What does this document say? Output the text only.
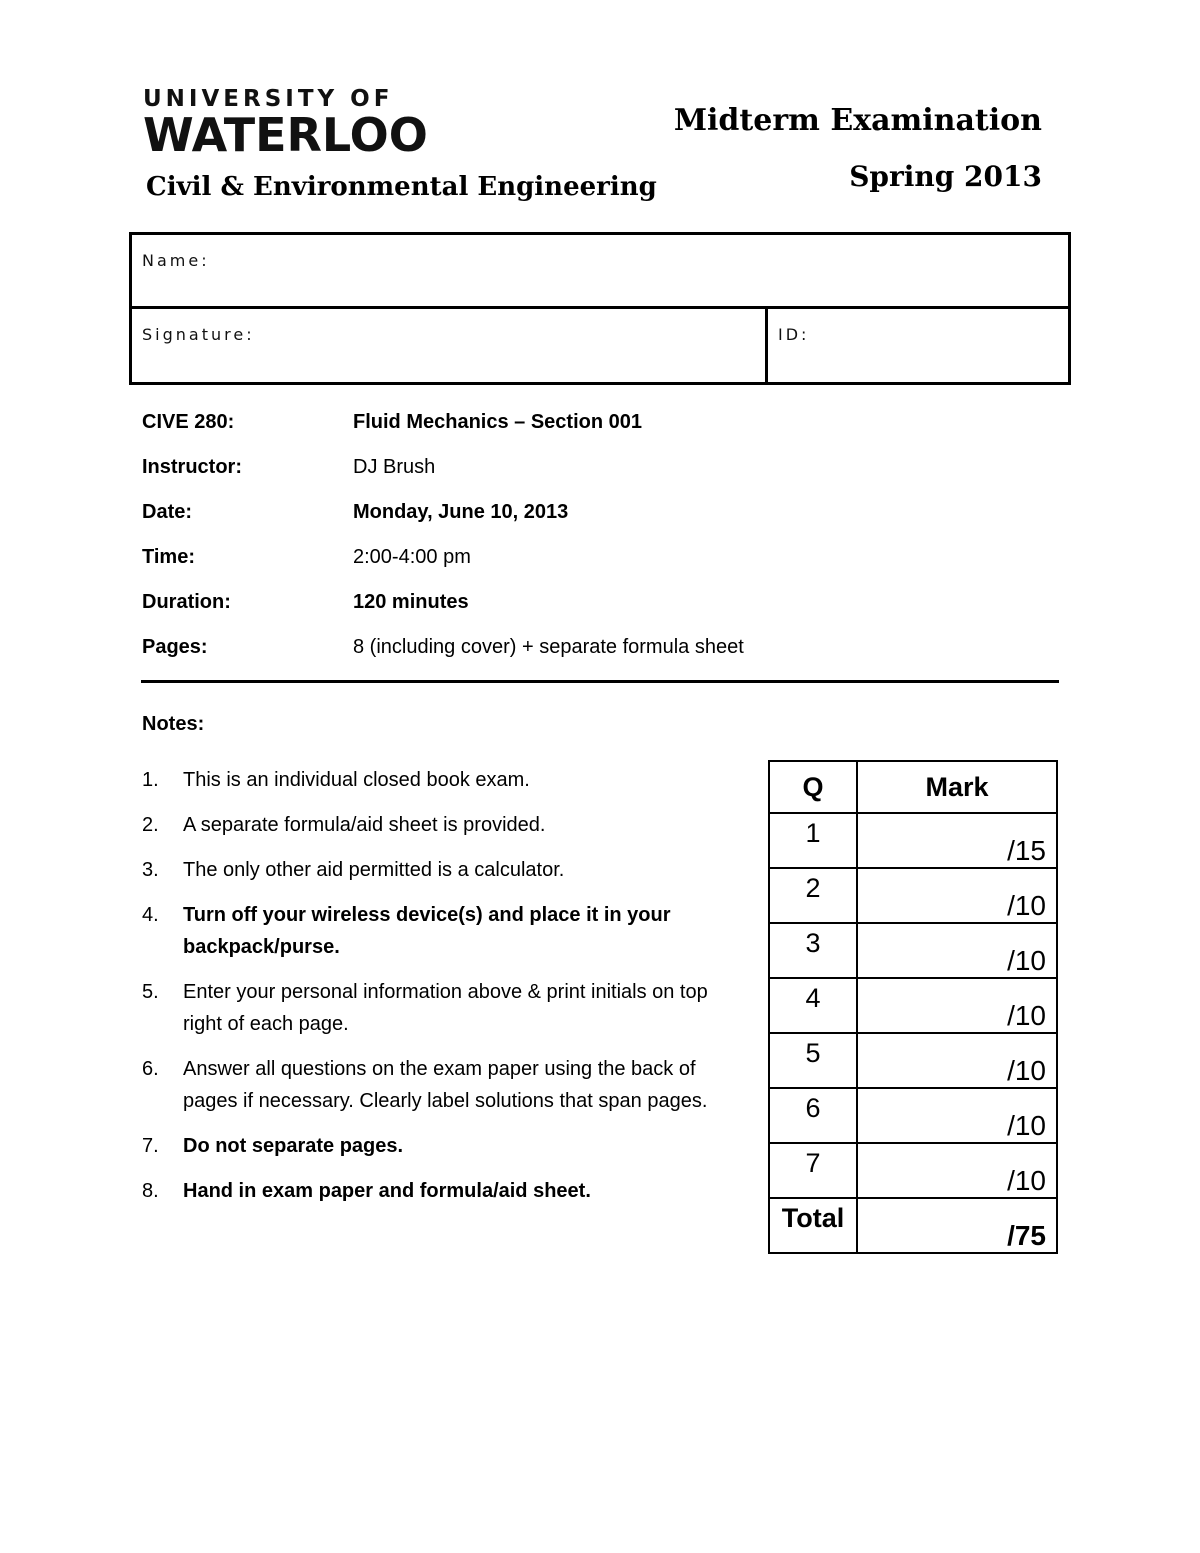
UNIVERSITY OF
WATERLOO
Civil & Environmental Engineering
Midterm Examination
Spring 2013
Name:
Signature:	ID:
CIVE 280:	Fluid Mechanics – Section 001
Instructor:	DJ Brush
Date:	Monday, June 10, 2013
Time:	2:00-4:00 pm
Duration:	120 minutes
Pages:	8 (including cover) + separate formula sheet
Notes:
1. This is an individual closed book exam.
2. A separate formula/aid sheet is provided.
3. The only other aid permitted is a calculator.
4. Turn off your wireless device(s) and place it in your backpack/purse.
5. Enter your personal information above & print initials on top right of each page.
6. Answer all questions on the exam paper using the back of pages if necessary. Clearly label solutions that span pages.
7. Do not separate pages.
8. Hand in exam paper and formula/aid sheet.
Q	Mark
1	/15
2	/10
3	/10
4	/10
5	/10
6	/10
7	/10
Total	/75
